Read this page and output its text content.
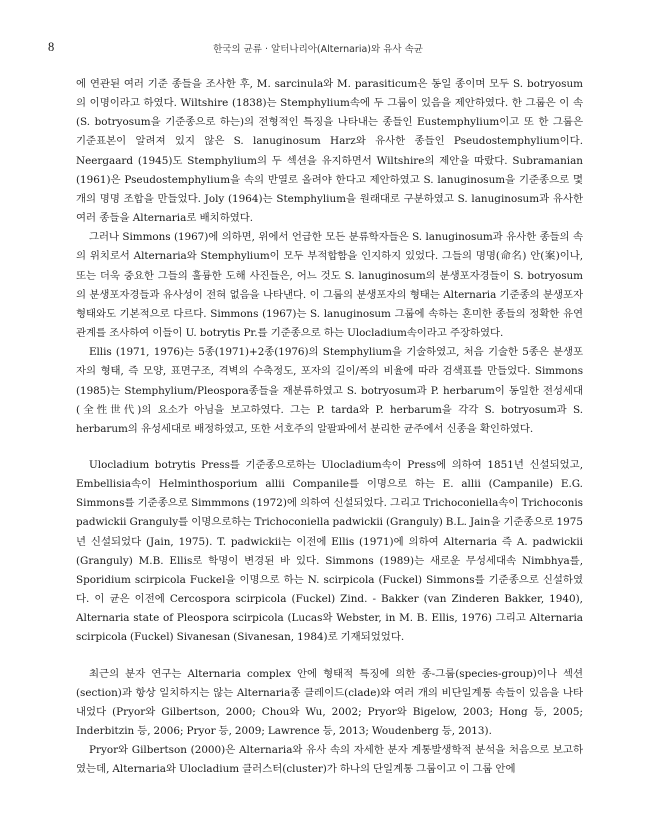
8	한국의 균류 · 알터나리아(Alternaria)와 유사 속균

에 연관된 여러 기준 종들을 조사한 후, M. sarcinula와 M. parasiticum은 동일 종이며 모두 S. botryosum의 이명이라고 하였다. Wiltshire (1838)는 Stemphylium속에 두 그룹이 있음을 제안하였다. 한 그룹은 이 속(S. botryosum을 기준종으로 하는)의 전형적인 특징을 나타내는 종들인 Eustemphylium이고 또 한 그룹은 기준표본이 알려져 있지 않은 S. lanuginosum Harz와 유사한 종들인 Pseudostemphylium이다. Neergaard (1945)도 Stemphylium의 두 섹션을 유지하면서 Wiltshire의 제안을 따랐다. Subramanian (1961)은 Pseudostemphylium을 속의 반열로 올려야 한다고 제안하였고 S. lanuginosum을 기준종으로 몇 개의 명명 조합을 만들었다. Joly (1964)는 Stemphylium을 원래대로 구분하였고 S. lanuginosum과 유사한 여러 종들을 Alternaria로 배치하였다.

그러나 Simmons (1967)에 의하면, 위에서 언급한 모든 분류학자들은 S. lanuginosum과 유사한 종들의 속의 위치로서 Alternaria와 Stemphylium이 모두 부적합함을 인지하지 있었다. 그들의 명명(命名) 안(案)이나, 또는 더욱 중요한 그들의 훌륭한 도해 사진들은, 어느 것도 S. lanuginosum의 분생포자경들이 S. botryosum의 분생포자경들과 유사성이 전혀 없음을 나타낸다. 이 그룹의 분생포자의 형태는 Alternaria 기준종의 분생포자 형태와도 기본적으로 다르다. Simmons (1967)는 S. lanuginosum 그룹에 속하는 혼미한 종들의 정확한 유연관계를 조사하여 이들이 U. botrytis Pr.를 기준종으로 하는 Ulocladium속이라고 주장하였다.

Ellis (1971, 1976)는 5종(1971)+2종(1976)의 Stemphylium을 기술하였고, 처음 기술한 5종은 분생포자의 형태, 즉 모양, 표면구조, 격벽의 수축정도, 포자의 길이/폭의 비율에 따라 검색표를 만들었다. Simmons (1985)는 Stemphylium/Pleospora종들을 재분류하였고 S. botryosum과 P. herbarum이 동일한 전성세대(全性世代)의 요소가 아님을 보고하였다. 그는 P. tarda와 P. herbarum을 각각 S. botryosum과 S. herbarum의 유성세대로 배정하였고, 또한 서호주의 알팔파에서 분리한 균주에서 신종을 확인하였다.

Ulocladium botrytis Press를 기준종으로하는 Ulocladium속이 Press에 의하여 1851년 신설되었고, Embellisia속이 Helminthosporium allii Companile를 이명으로 하는 E. allii (Campanile) E.G. Simmons를 기준종으로 Simmmons (1972)에 의하여 신설되었다. 그리고 Trichoconiella속이 Trichoconis padwickii Granguly를 이명으로하는 Trichoconiella padwickii (Granguly) B.L. Jain을 기준종으로 1975년 신설되었다 (Jain, 1975). T. padwickii는 이전에 Ellis (1971)에 의하여 Alternaria 즉 A. padwickii (Granguly) M.B. Ellis로 학명이 변경된 바 있다. Simmons (1989)는 새로운 무성세대속 Nimbhya를, Sporidium scirpicola Fuckel을 이명으로 하는 N. scirpicola (Fuckel) Simmons를 기준종으로 신설하였다. 이 균은 이전에 Cercospora scirpicola (Fuckel) Zind. - Bakker (van Zinderen Bakker, 1940), Alternaria state of Pleospora scirpicola (Lucas와 Webster, in M. B. Ellis, 1976) 그리고 Alternaria scirpicola (Fuckel) Sivanesan (Sivanesan, 1984)로 기재되었었다.

최근의 분자 연구는 Alternaria complex 안에 형태적 특징에 의한 종-그룹(species-group)이나 섹션(section)과 항상 일치하지는 않는 Alternaria종 클레이드(clade)와 여러 개의 비단일계통 속들이 있음을 나타내었다 (Pryor와 Gilbertson, 2000; Chou와 Wu, 2002; Pryor와 Bigelow, 2003; Hong 등, 2005; Inderbitzin 등, 2006; Pryor 등, 2009; Lawrence 등, 2013; Woudenberg 등, 2013).

Pryor와 Gilbertson (2000)은 Alternaria와 유사 속의 자세한 분자 계통발생학적 분석을 처음으로 보고하였는데, Alternaria와 Ulocladium 클러스터(cluster)가 하나의 단일계통 그룹이고 이 그룹 안에
